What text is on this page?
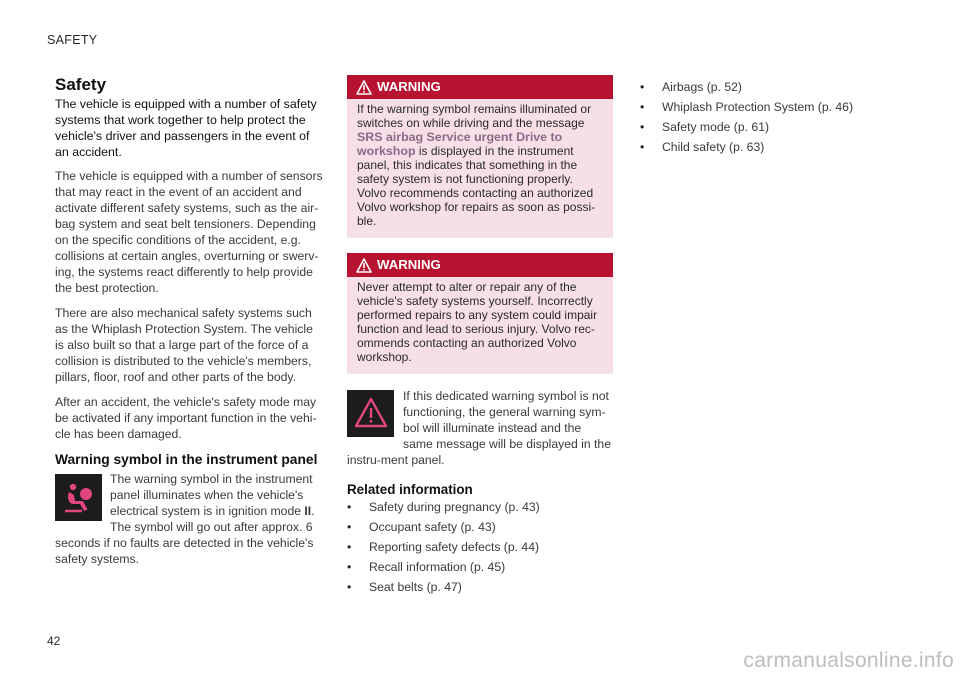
SAFETY
Safety
The vehicle is equipped with a number of safety systems that work together to help protect the vehicle's driver and passengers in the event of an accident.

The vehicle is equipped with a number of sensors that may react in the event of an accident and activate different safety systems, such as the air-bag system and seat belt tensioners. Depending on the specific conditions of the accident, e.g. collisions at certain angles, overturning or swerv-ing, the systems react differently to help provide the best protection.

There are also mechanical safety systems such as the Whiplash Protection System. The vehicle is also built so that a large part of the force of a collision is distributed to the vehicle's members, pillars, floor, roof and other parts of the body.

After an accident, the vehicle's safety mode may be activated if any important function in the vehi-cle has been damaged.

Warning symbol in the instrument panel
The warning symbol in the instrument panel illuminates when the vehicle's electrical system is in ignition mode II. The symbol will go out after approx. 6 seconds if no faults are detected in the vehicle's safety systems.
WARNING
If the warning symbol remains illuminated or switches on while driving and the message SRS airbag Service urgent Drive to workshop is displayed in the instrument panel, this indicates that something in the safety system is not functioning properly. Volvo recommends contacting an authorized Volvo workshop for repairs as soon as possi-ble.
WARNING
Never attempt to alter or repair any of the vehicle's safety systems yourself. Incorrectly performed repairs to any system could impair function and lead to serious injury. Volvo rec-ommends contacting an authorized Volvo workshop.
If this dedicated warning symbol is not functioning, the general warning sym-bol will illuminate instead and the same message will be displayed in the instru-ment panel.
Related information
• Safety during pregnancy (p. 43)
• Occupant safety (p. 43)
• Reporting safety defects (p. 44)
• Recall information (p. 45)
• Seat belts (p. 47)
• Airbags (p. 52)
• Whiplash Protection System (p. 46)
• Safety mode (p. 61)
• Child safety (p. 63)
42
carmanualsonline.info
